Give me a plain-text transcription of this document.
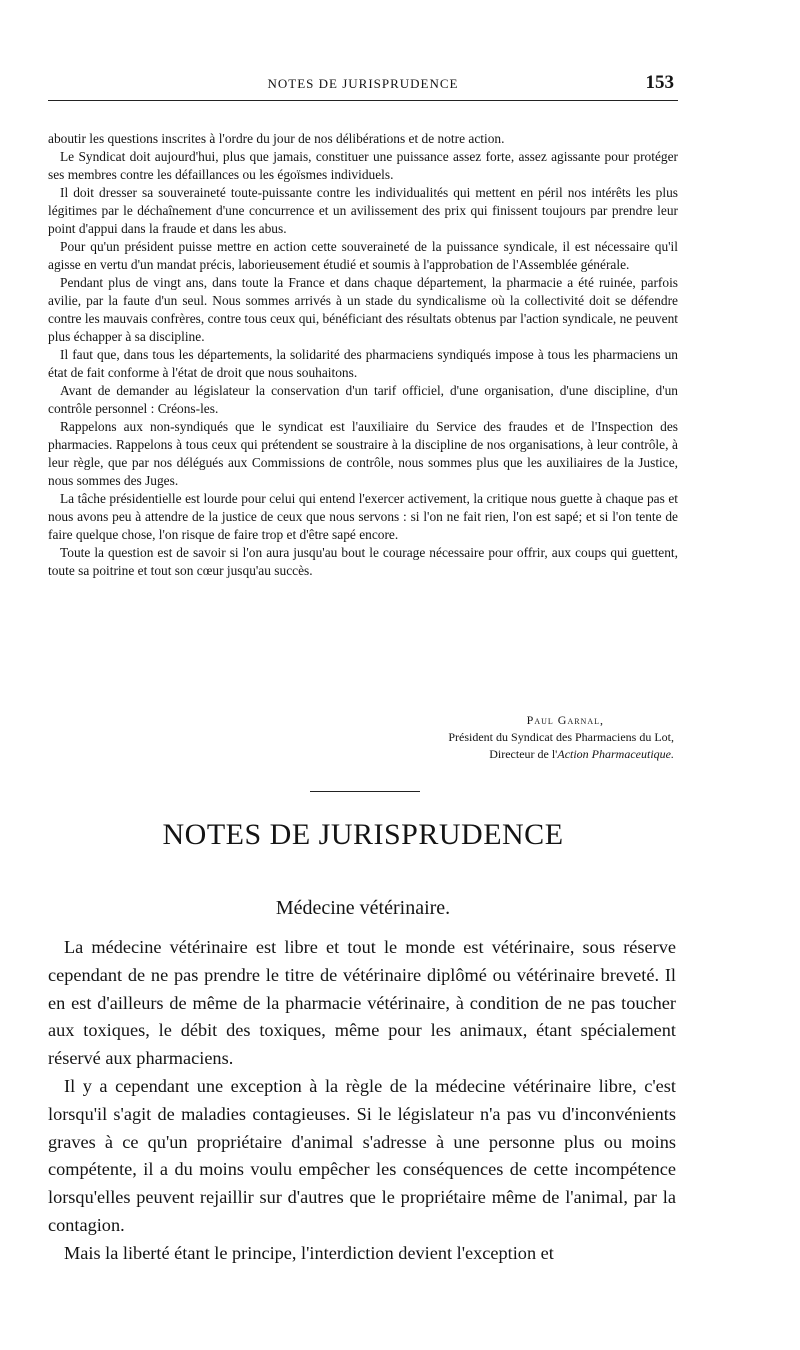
NOTES DE JURISPRUDENCE	153

aboutir les questions inscrites à l'ordre du jour de nos délibérations et de notre action.

Le Syndicat doit aujourd'hui, plus que jamais, constituer une puissance assez forte, assez agissante pour protéger ses membres contre les défaillances ou les égoïsmes individuels.

Il doit dresser sa souveraineté toute-puissante contre les individualités qui mettent en péril nos intérêts les plus légitimes par le déchaînement d'une concurrence et un avilissement des prix qui finissent toujours par prendre leur point d'appui dans la fraude et dans les abus.

Pour qu'un président puisse mettre en action cette souveraineté de la puissance syndicale, il est nécessaire qu'il agisse en vertu d'un mandat précis, laborieusement étudié et soumis à l'approbation de l'Assemblée générale.

Pendant plus de vingt ans, dans toute la France et dans chaque département, la pharmacie a été ruinée, parfois avilie, par la faute d'un seul. Nous sommes arrivés à un stade du syndicalisme où la collectivité doit se défendre contre les mauvais confrères, contre tous ceux qui, bénéficiant des résultats obtenus par l'action syndicale, ne peuvent plus échapper à sa discipline.

Il faut que, dans tous les départements, la solidarité des pharmaciens syndiqués impose à tous les pharmaciens un état de fait conforme à l'état de droit que nous souhaitons.

Avant de demander au législateur la conservation d'un tarif officiel, d'une organisation, d'une discipline, d'un contrôle personnel : Créons-les.

Rappelons aux non-syndiqués que le syndicat est l'auxiliaire du Service des fraudes et de l'Inspection des pharmacies. Rappelons à tous ceux qui prétendent se soustraire à la discipline de nos organisations, à leur contrôle, à leur règle, que par nos délégués aux Commissions de contrôle, nous sommes plus que les auxiliaires de la Justice, nous sommes des Juges.

La tâche présidentielle est lourde pour celui qui entend l'exercer activement, la critique nous guette à chaque pas et nous avons peu à attendre de la justice de ceux que nous servons : si l'on ne fait rien, l'on est sapé; et si l'on tente de faire quelque chose, l'on risque de faire trop et d'être sapé encore.

Toute la question est de savoir si l'on aura jusqu'au bout le courage nécessaire pour offrir, aux coups qui guettent, toute sa poitrine et tout son cœur jusqu'au succès.

Paul Garnal,
Président du Syndicat des Pharmaciens du Lot,
Directeur de l'Action Pharmaceutique.
NOTES DE JURISPRUDENCE
Médecine vétérinaire.

La médecine vétérinaire est libre et tout le monde est vétérinaire, sous réserve cependant de ne pas prendre le titre de vétérinaire diplômé ou vétérinaire breveté. Il en est d'ailleurs de même de la pharmacie vétérinaire, à condition de ne pas toucher aux toxiques, le débit des toxiques, même pour les animaux, étant spécialement réservé aux pharmaciens.

Il y a cependant une exception à la règle de la médecine vétérinaire libre, c'est lorsqu'il s'agit de maladies contagieuses. Si le législateur n'a pas vu d'inconvénients graves à ce qu'un propriétaire d'animal s'adresse à une personne plus ou moins compétente, il a du moins voulu empêcher les conséquences de cette incompétence lorsqu'elles peuvent rejaillir sur d'autres que le propriétaire même de l'animal, par la contagion.

Mais la liberté étant le principe, l'interdiction devient l'exception et
